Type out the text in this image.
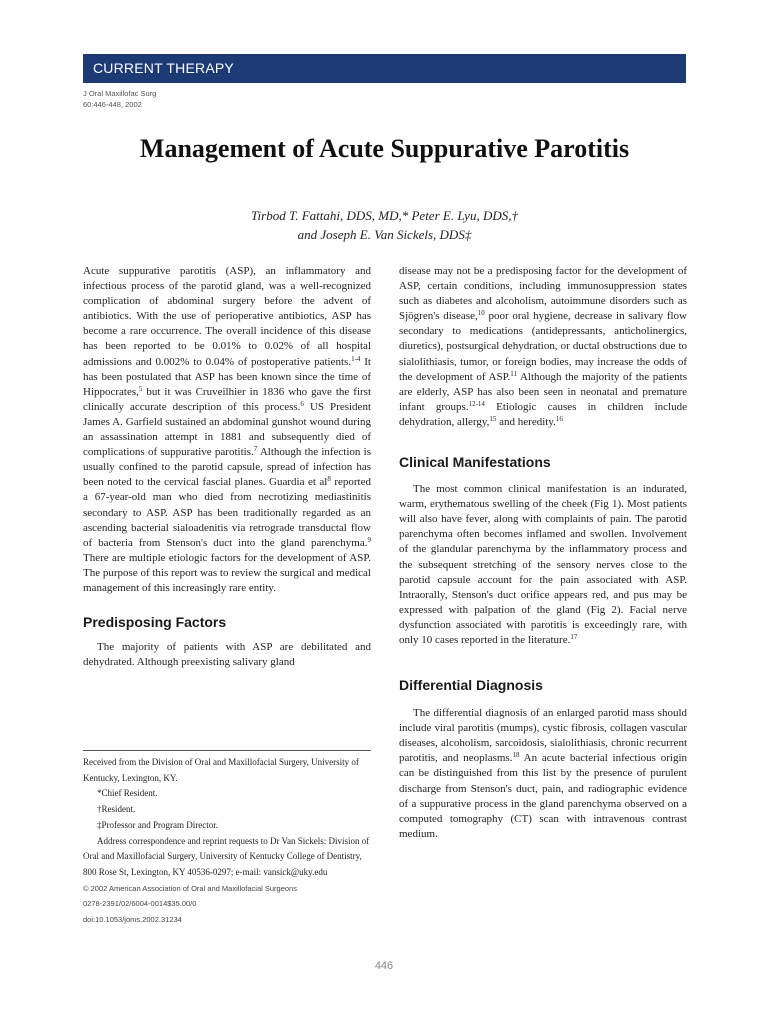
CURRENT THERAPY
J Oral Maxillofac Surg
60:446-448, 2002
Management of Acute Suppurative Parotitis
Tirbod T. Fattahi, DDS, MD,* Peter E. Lyu, DDS,†
and Joseph E. Van Sickels, DDS‡

Acute suppurative parotitis (ASP), an inflammatory and infectious process of the parotid gland, was a well-recognized complication of abdominal surgery before the advent of antibiotics. With the use of perioperative antibiotics, ASP has become a rare occurrence. The overall incidence of this disease has been reported to be 0.01% to 0.02% of all hospital admissions and 0.002% to 0.04% of postoperative patients.$^{1-4}$ It has been postulated that ASP has been known since the time of Hippocrates,$^5$ but it was Cruveilhier in 1836 who gave the first clinically accurate description of this process.$^6$ US President James A. Garfield sustained an abdominal gunshot wound during an assassination attempt in 1881 and subsequently died of complications of suppurative parotitis.$^7$ Although the infection is usually confined to the parotid capsule, spread of infection has been noted to the cervical fascial planes. Guardia et $al^8$ reported a 67-year-old man who died from necrotizing mediastinitis secondary to ASP. ASP has been traditionally regarded as an ascending bacterial sialoadenitis via retrograde transductal flow of bacteria from Stenson's duct into the gland parenchyma.$^9$ There are multiple etiologic factors for the development of ASP. The purpose of this report was to review the surgical and medical management of this increasingly rare entity.

Predisposing Factors

The majority of patients with ASP are debilitated and dehydrated. Although preexisting salivary gland

disease may not be a predisposing factor for the development of ASP, certain conditions, including immunosuppression states such as diabetes and alcoholism, autoimmune disorders such as Sjögren's disease,$^{10}$ poor oral hygiene, decrease in salivary flow secondary to medications (antidepressants, anticholinergics, diuretics), postsurgical dehydration, or ductal obstructions due to sialolithiasis, tumor, or foreign bodies, may increase the odds of the development of ASP.$^{11}$ Although the majority of the patients are elderly, ASP has also been seen in neonatal and premature infant groups.$^{12-14}$ Etiologic causes in children include dehydration, allergy,$^{15}$ and heredity.$^{16}$

Clinical Manifestations

The most common clinical manifestation is an indurated, warm, erythematous swelling of the cheek (Fig 1). Most patients will also have fever, along with complaints of pain. The parotid parenchyma often becomes inflamed and swollen. Involvement of the glandular parenchyma by the inflammatory process and the subsequent stretching of the sensory nerves close to the parotid capsule account for the pain associated with ASP. Intraorally, Stenson's duct orifice appears red, and pus may be expressed with palpation of the gland (Fig 2). Facial nerve dysfunction associated with parotitis is exceedingly rare, with only 10 cases reported in the literature.$^{17}$

Differential Diagnosis

The differential diagnosis of an enlarged parotid mass should include viral parotitis (mumps), cystic fibrosis, collagen vascular diseases, alcoholism, sarcoidosis, sialolithiasis, chronic recurrent parotitis, and neoplasms.$^{18}$ An acute bacterial infectious origin can be distinguished from this list by the presence of purulent discharge from Stenson's duct, pain, and radiographic evidence of a suppurative process in the gland parenchyma observed on a computed tomography (CT) scan with intravenous contrast medium.

Received from the Division of Oral and Maxillofacial Surgery, University of Kentucky, Lexington, KY.

*Chief Resident.

†Resident.

‡Professor and Program Director.

Address correspondence and reprint requests to Dr Van Sickels: Division of Oral and Maxillofacial Surgery, University of Kentucky College of Dentistry, 800 Rose St, Lexington, KY 40536-0297; e-mail: vansick@uky.edu

© 2002 American Association of Oral and Maxillofacial Surgeons

0278-2391/02/6004-0014$35.00/0

doi:10.1053/joms.2002.31234

446
